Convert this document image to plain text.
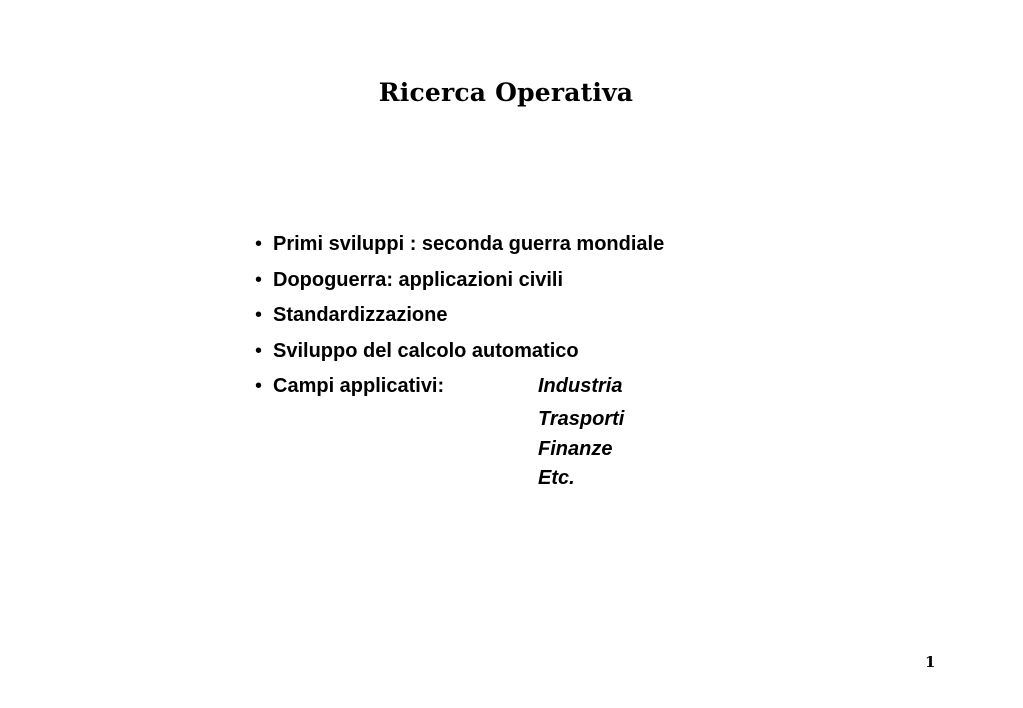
Ricerca Operativa
• Primi sviluppi : seconda guerra mondiale
• Dopoguerra: applicazioni civili
• Standardizzazione
• Sviluppo del calcolo automatico
• Campi applicativi:	Industria
Trasporti
Finanze
Etc.
1
